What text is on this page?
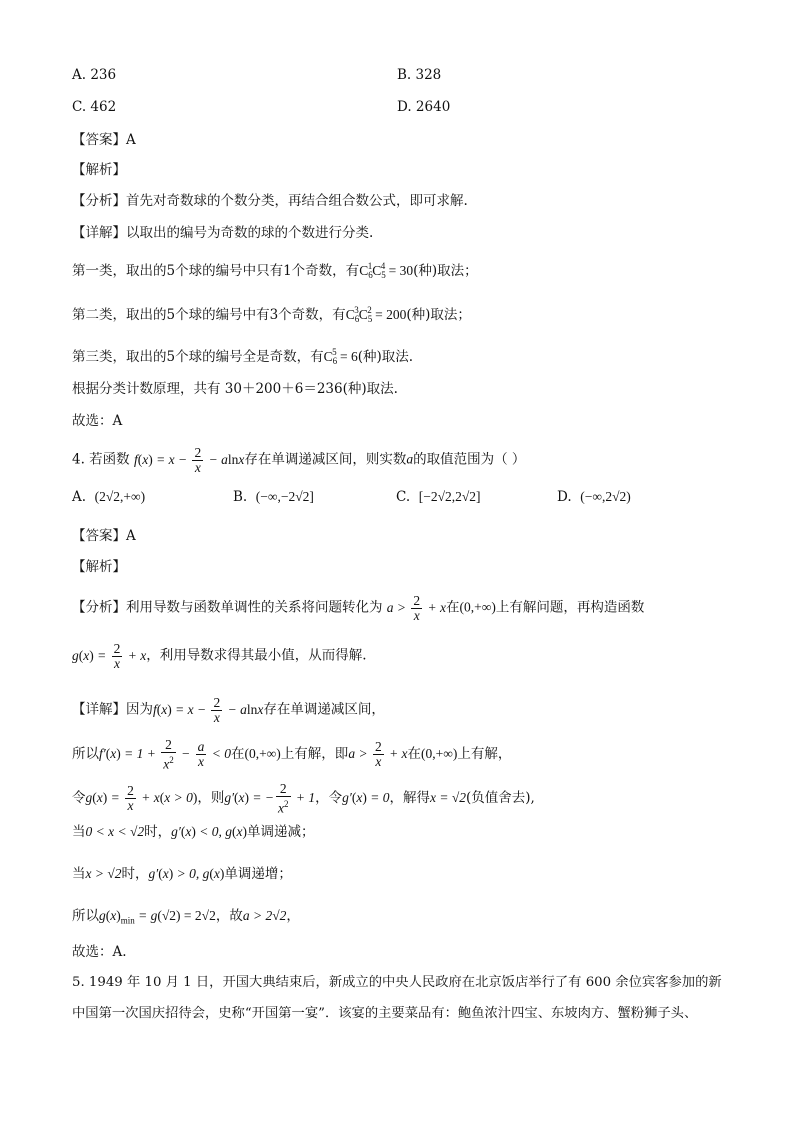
A. 236	B. 328
C. 462	D. 2640
【答案】A
【解析】
【分析】首先对奇数球的个数分类，再结合组合数公式，即可求解.
【详解】以取出的编号为奇数的球的个数进行分类.
第一类，取出的5个球的编号中只有1个奇数，有$C_6^1C_5^4 = 30$(种)取法；
第二类，取出的5个球的编号中有3个奇数，有$C_6^3C_5^2 = 200$(种)取法；
第三类，取出的5个球的编号全是奇数，有$C_6^5 = 6$(种)取法.
根据分类计数原理，共有 30＋200＋6＝236(种)取法.
故选：A
4. 若函数 $f(x) = x - \frac{2}{x} - alnx$存在单调递减区间，则实数a的取值范围为（ ）
A.  (2√2,+∞)	B.  (−∞,−2√2]	C.  [−2√2,2√2]	D.  (−∞,2√2)
【答案】A
【解析】
【分析】利用导数与函数单调性的关系将问题转化为 $a > \frac{2}{x} + x$在(0,+∞)上有解问题，再构造函数
$g(x) = \frac{2}{x} + x$，利用导数求得其最小值，从而得解.
【详解】因为$f(x) = x - \frac{2}{x} - alnx$存在单调递减区间，
所以$f'(x) = 1 + \frac{2}{x^2} - \frac{a}{x} < 0$在(0,+∞)上有解，即$a > \frac{2}{x} + x$在(0,+∞)上有解，
令$g(x) = \frac{2}{x} + x(x > 0)$，则g′(x) = − $\frac{2}{x^2} + 1$，令g′(x) = 0，解得x = √2(负值舍去),
当0 < x < √2时，g′(x) < 0, g(x)单调递减；
当x > √2时，g′(x) > 0, g(x)单调递增；
所以$g(x)_{min} = g(√2) = 2√2$，故a > 2√2，
故选：A.
5. 1949 年 10 月 1 日，开国大典结束后，新成立的中央人民政府在北京饭店举行了有 600 余位宾客参加的新
中国第一次国庆招待会，史称“开国第一宴”．该宴的主要菜品有：鲍鱼浓汁四宝、东坡肉方、蟹粉狮子头、
